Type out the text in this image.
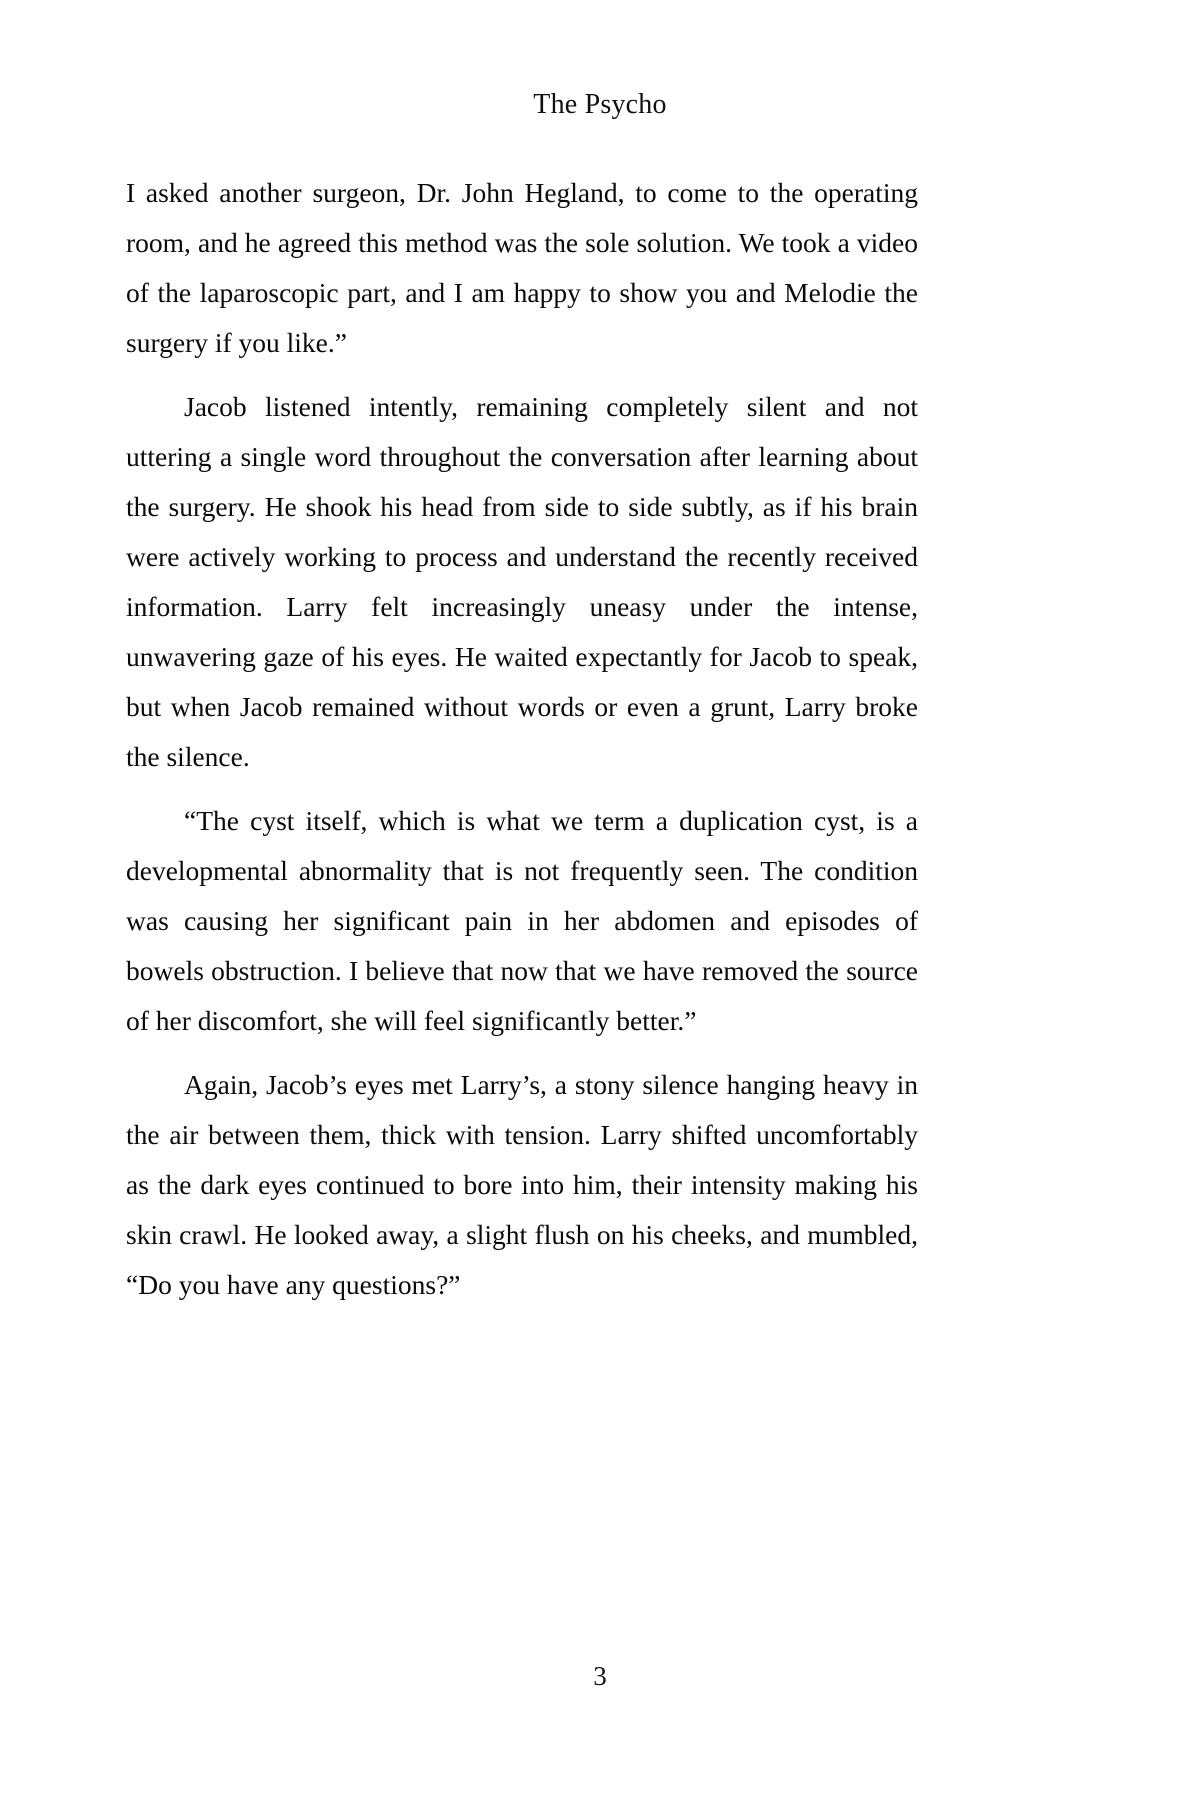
The Psycho

I asked another surgeon, Dr. John Hegland, to come to the operating room, and he agreed this method was the sole solution. We took a video of the laparoscopic part, and I am happy to show you and Melodie the surgery if you like.”

Jacob listened intently, remaining completely silent and not uttering a single word throughout the conversation after learning about the surgery. He shook his head from side to side subtly, as if his brain were actively working to process and understand the recently received information. Larry felt increasingly uneasy under the intense, unwavering gaze of his eyes. He waited expectantly for Jacob to speak, but when Jacob remained without words or even a grunt, Larry broke the silence.

“The cyst itself, which is what we term a duplication cyst, is a developmental abnormality that is not frequently seen. The condition was causing her significant pain in her abdomen and episodes of bowels obstruction. I believe that now that we have removed the source of her discomfort, she will feel significantly better.”

Again, Jacob’s eyes met Larry’s, a stony silence hanging heavy in the air between them, thick with tension. Larry shifted uncomfortably as the dark eyes continued to bore into him, their intensity making his skin crawl. He looked away, a slight flush on his cheeks, and mumbled, “Do you have any questions?”

3
